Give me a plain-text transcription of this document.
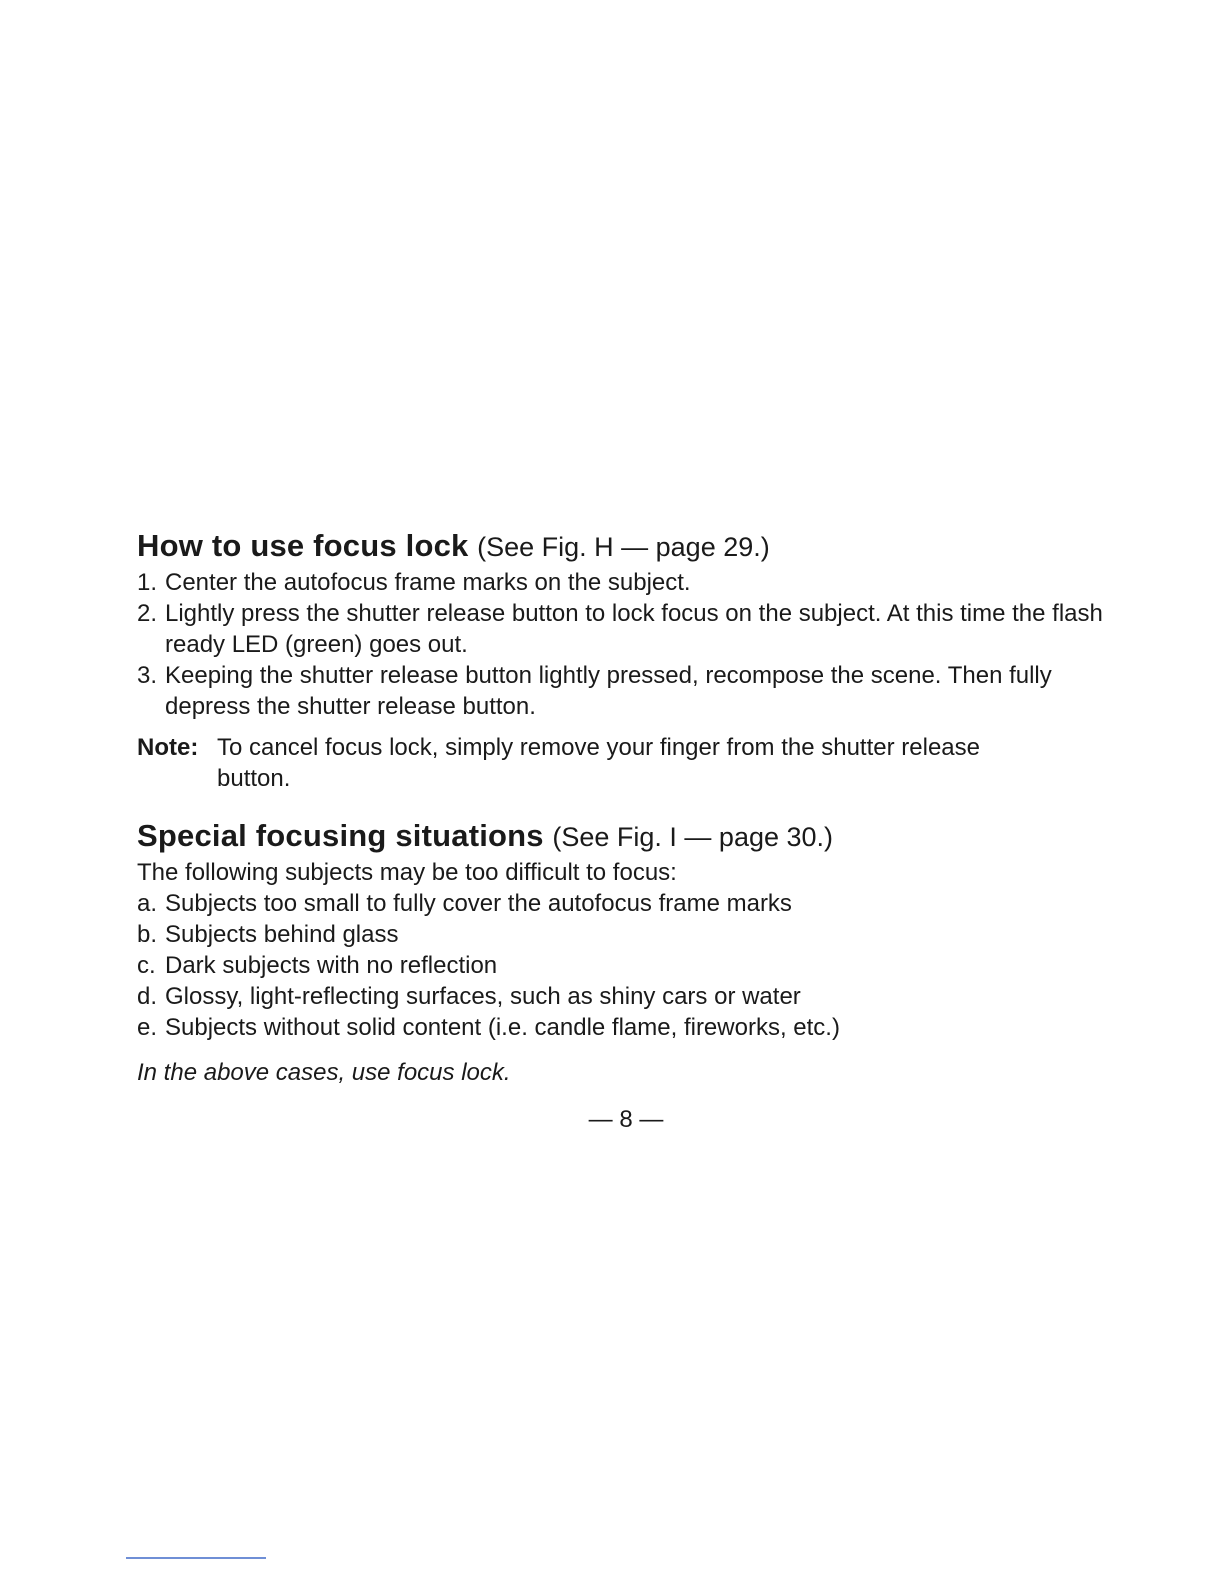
How to use focus lock (See Fig. H — page 29.)
1. Center the autofocus frame marks on the subject.
2. Lightly press the shutter release button to lock focus on the subject. At this time the flash ready LED (green) goes out.
3. Keeping the shutter release button lightly pressed, recompose the scene. Then fully depress the shutter release button.
Note: To cancel focus lock, simply remove your finger from the shutter release button.
Special focusing situations (See Fig. I — page 30.)

The following subjects may be too difficult to focus:

a. Subjects too small to fully cover the autofocus frame marks
b. Subjects behind glass
c. Dark subjects with no reflection
d. Glossy, light-reflecting surfaces, such as shiny cars or water
e. Subjects without solid content (i.e. candle flame, fireworks, etc.)

In the above cases, use focus lock.

— 8 —
